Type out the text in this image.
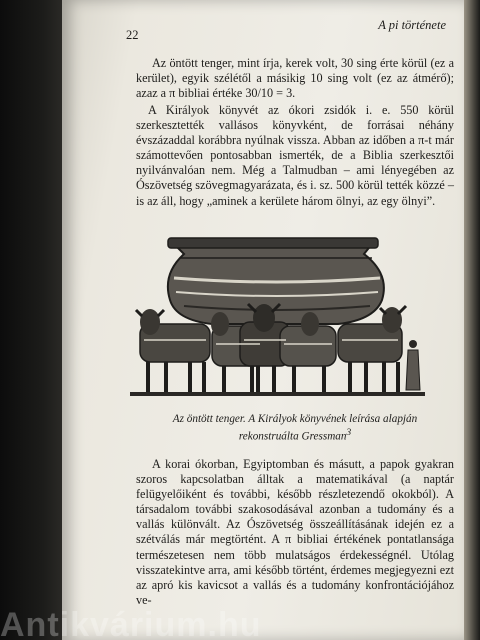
22
A pi története

Az öntött tenger, mint írja, kerek volt, 30 sing érte körül (ez a kerület), egyik szélétől a másikig 10 sing volt (ez az átmérő); azaz a π bibliai értéke 30/10 = 3.

A Királyok könyvét az ókori zsidók i. e. 550 körül szerkesztették vallásos könyvként, de forrásai néhány évszázaddal korábbra nyúlnak vissza. Abban az időben a π-t már számottevően pontosabban ismerték, de a Biblia szerkesztői nyilvánvalóan nem. Még a Talmudban – ami lényegében az Ószövetség szövegmagyarázata, és i. sz. 500 körül tették közzé – is az áll, hogy „aminek a kerülete három ölnyi, az egy ölnyi”.

Az öntött tenger. A Királyok könyvének leírása alapján
rekonstruálta Gressman$^3$

A korai ókorban, Egyiptomban és másutt, a papok gyakran szoros kapcsolatban álltak a matematikával (a naptár felügyelőiként és további, később részletezendő okokból). A társadalom további szakosodásával azonban a tudomány és a vallás különvált. Az Ószövetség összeállításának idején ez a szétválás már megtörtént. A π bibliai értékének pontatlansága természetesen nem több mulatságos érdekességnél. Utólag visszatekintve arra, ami később történt, érdemes megjegyezni ezt az apró kis kavicsot a vallás és a tudomány konfrontációjához ve-

Antikvárium.hu
